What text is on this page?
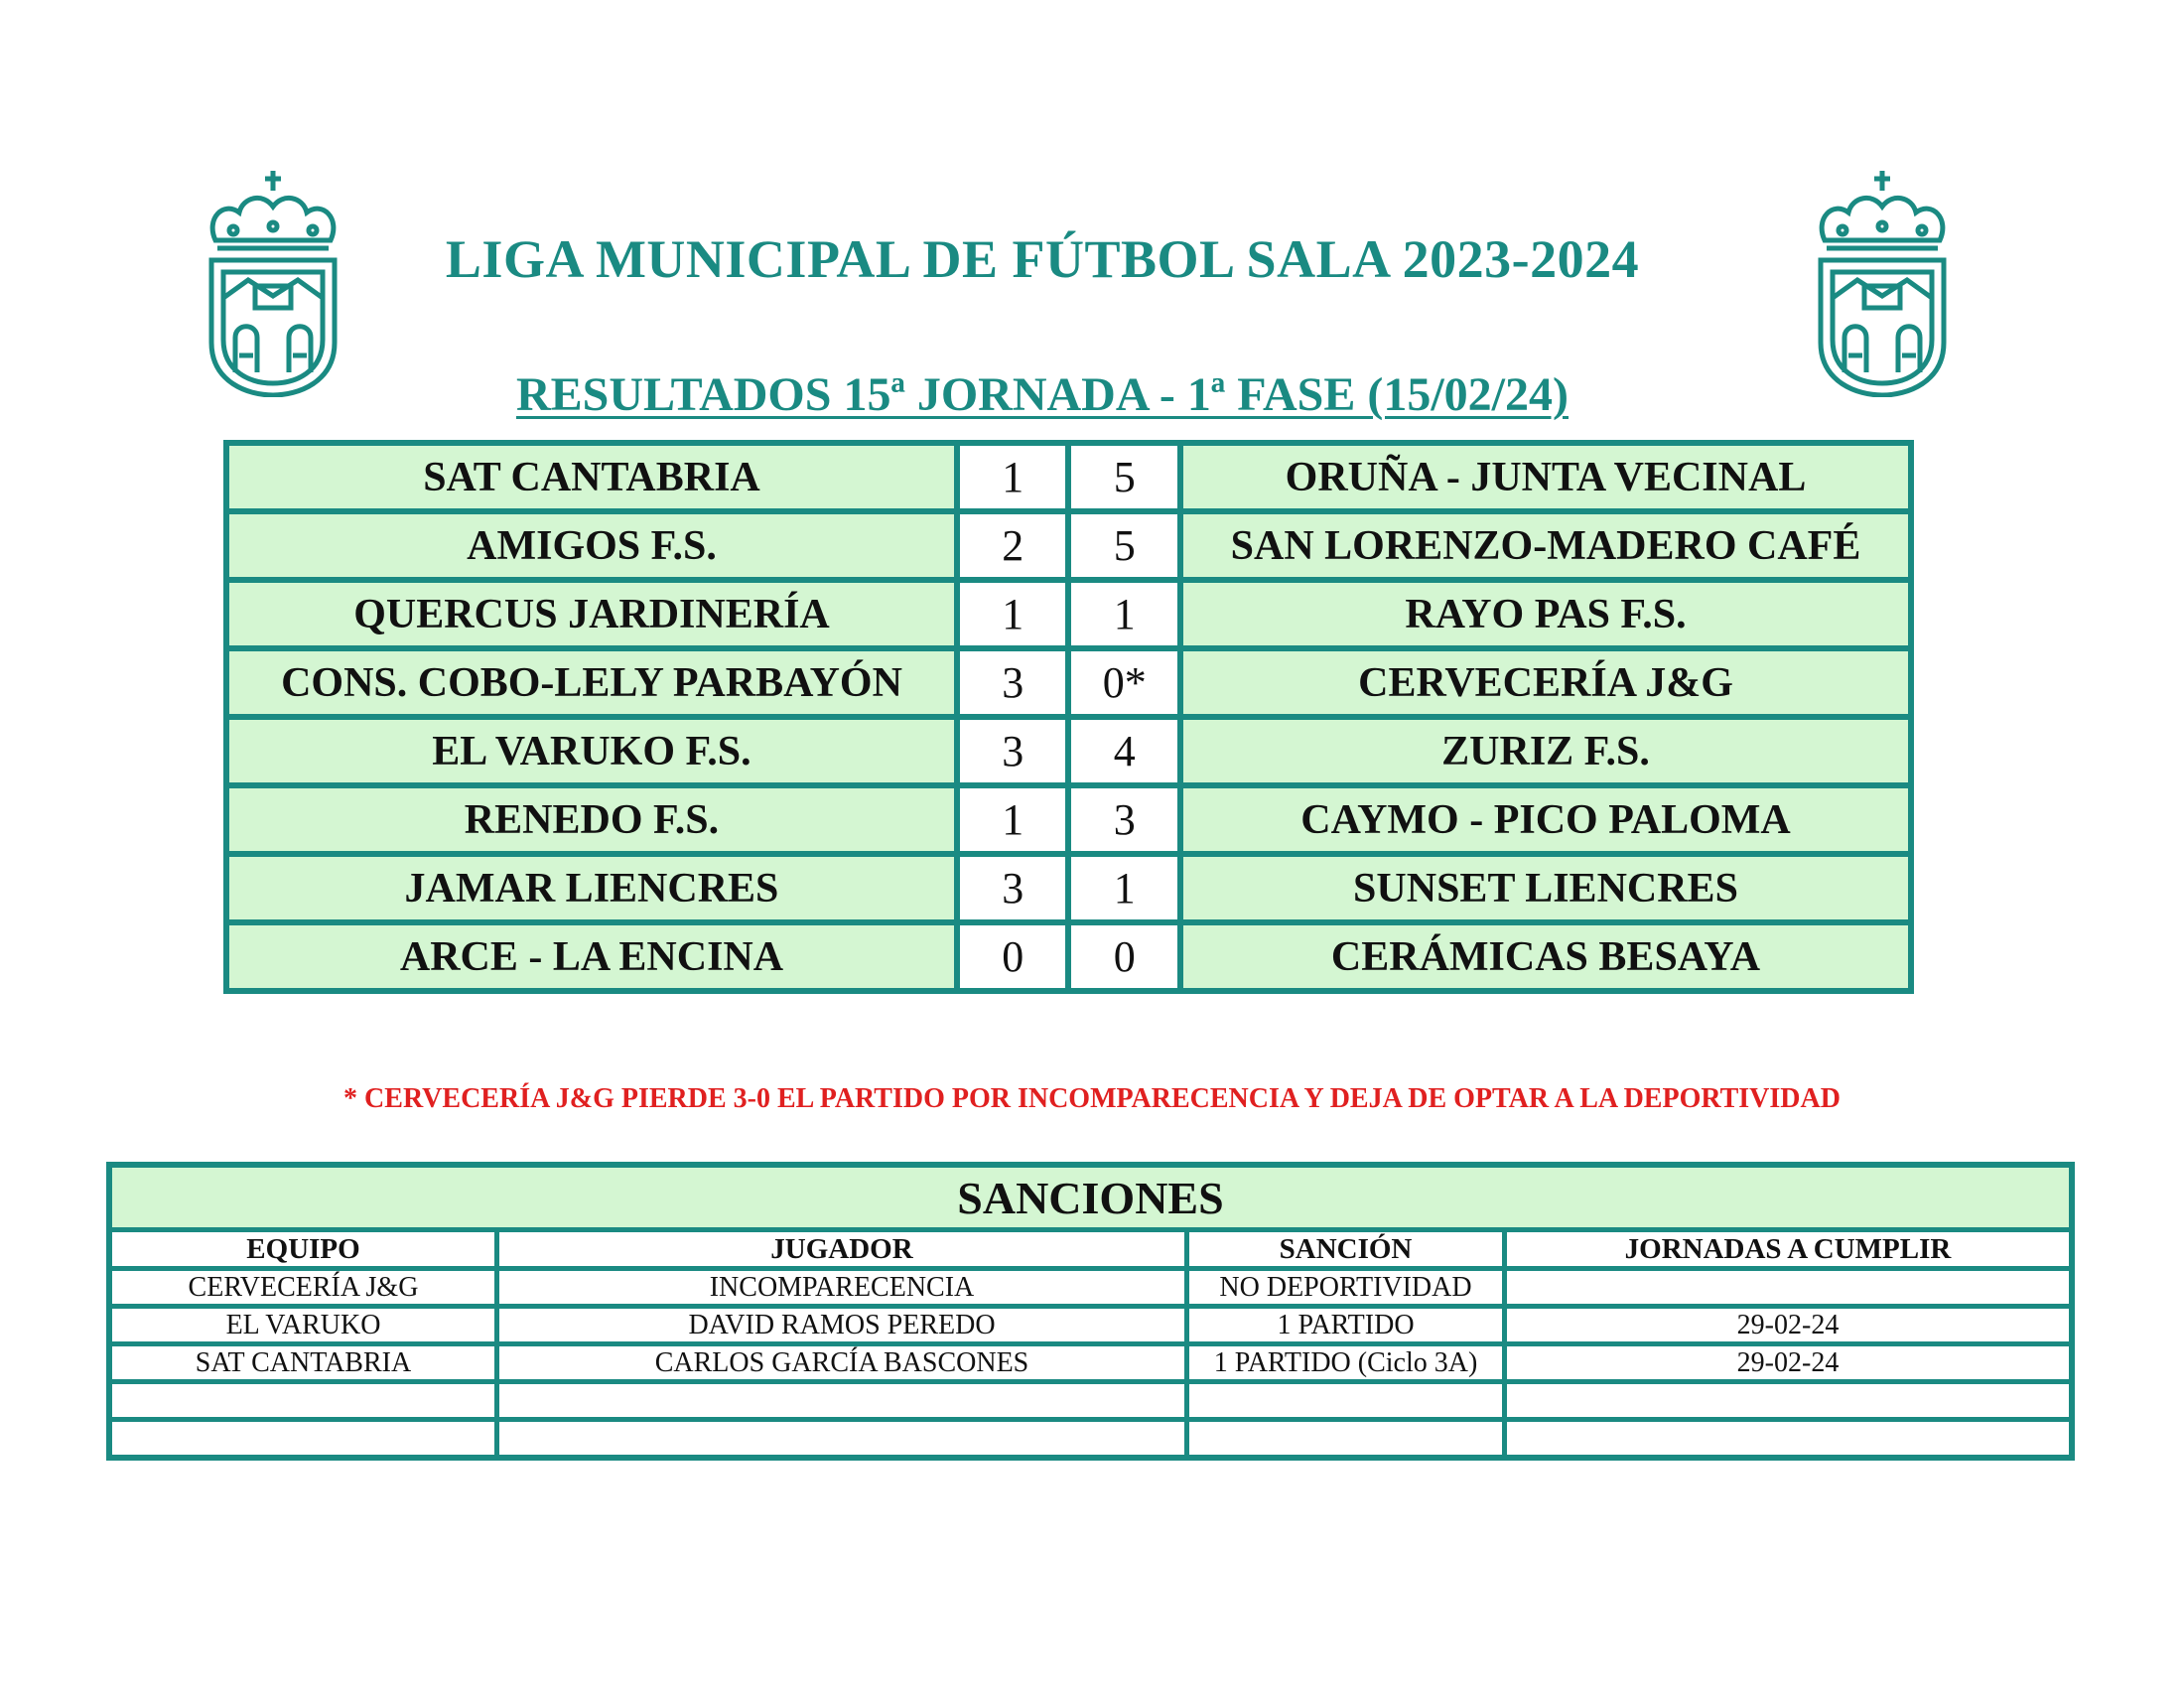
LIGA MUNICIPAL DE FÚTBOL SALA 2023-2024
RESULTADOS 15ª JORNADA - 1ª FASE (15/02/24)
SAT CANTABRIA	1	5	ORUÑA - JUNTA VECINAL
AMIGOS F.S.	2	5	SAN LORENZO-MADERO CAFÉ
QUERCUS JARDINERÍA	1	1	RAYO PAS F.S.
CONS. COBO-LELY PARBAYÓN	3	0*	CERVECERÍA J&G
EL VARUKO F.S.	3	4	ZURIZ F.S.
RENEDO F.S.	1	3	CAYMO - PICO PALOMA
JAMAR LIENCRES	3	1	SUNSET LIENCRES
ARCE - LA ENCINA	0	0	CERÁMICAS BESAYA
* CERVECERÍA J&G PIERDE 3-0 EL PARTIDO POR INCOMPARECENCIA Y DEJA DE OPTAR A LA DEPORTIVIDAD
SANCIONES			
EQUIPO	JUGADOR	SANCIÓN	JORNADAS A CUMPLIR
CERVECERÍA J&G	INCOMPARECENCIA	NO DEPORTIVIDAD	
EL VARUKO	DAVID RAMOS PEREDO	1 PARTIDO	29-02-24
SAT CANTABRIA	CARLOS GARCÍA BASCONES	1 PARTIDO (Ciclo 3A)	29-02-24
